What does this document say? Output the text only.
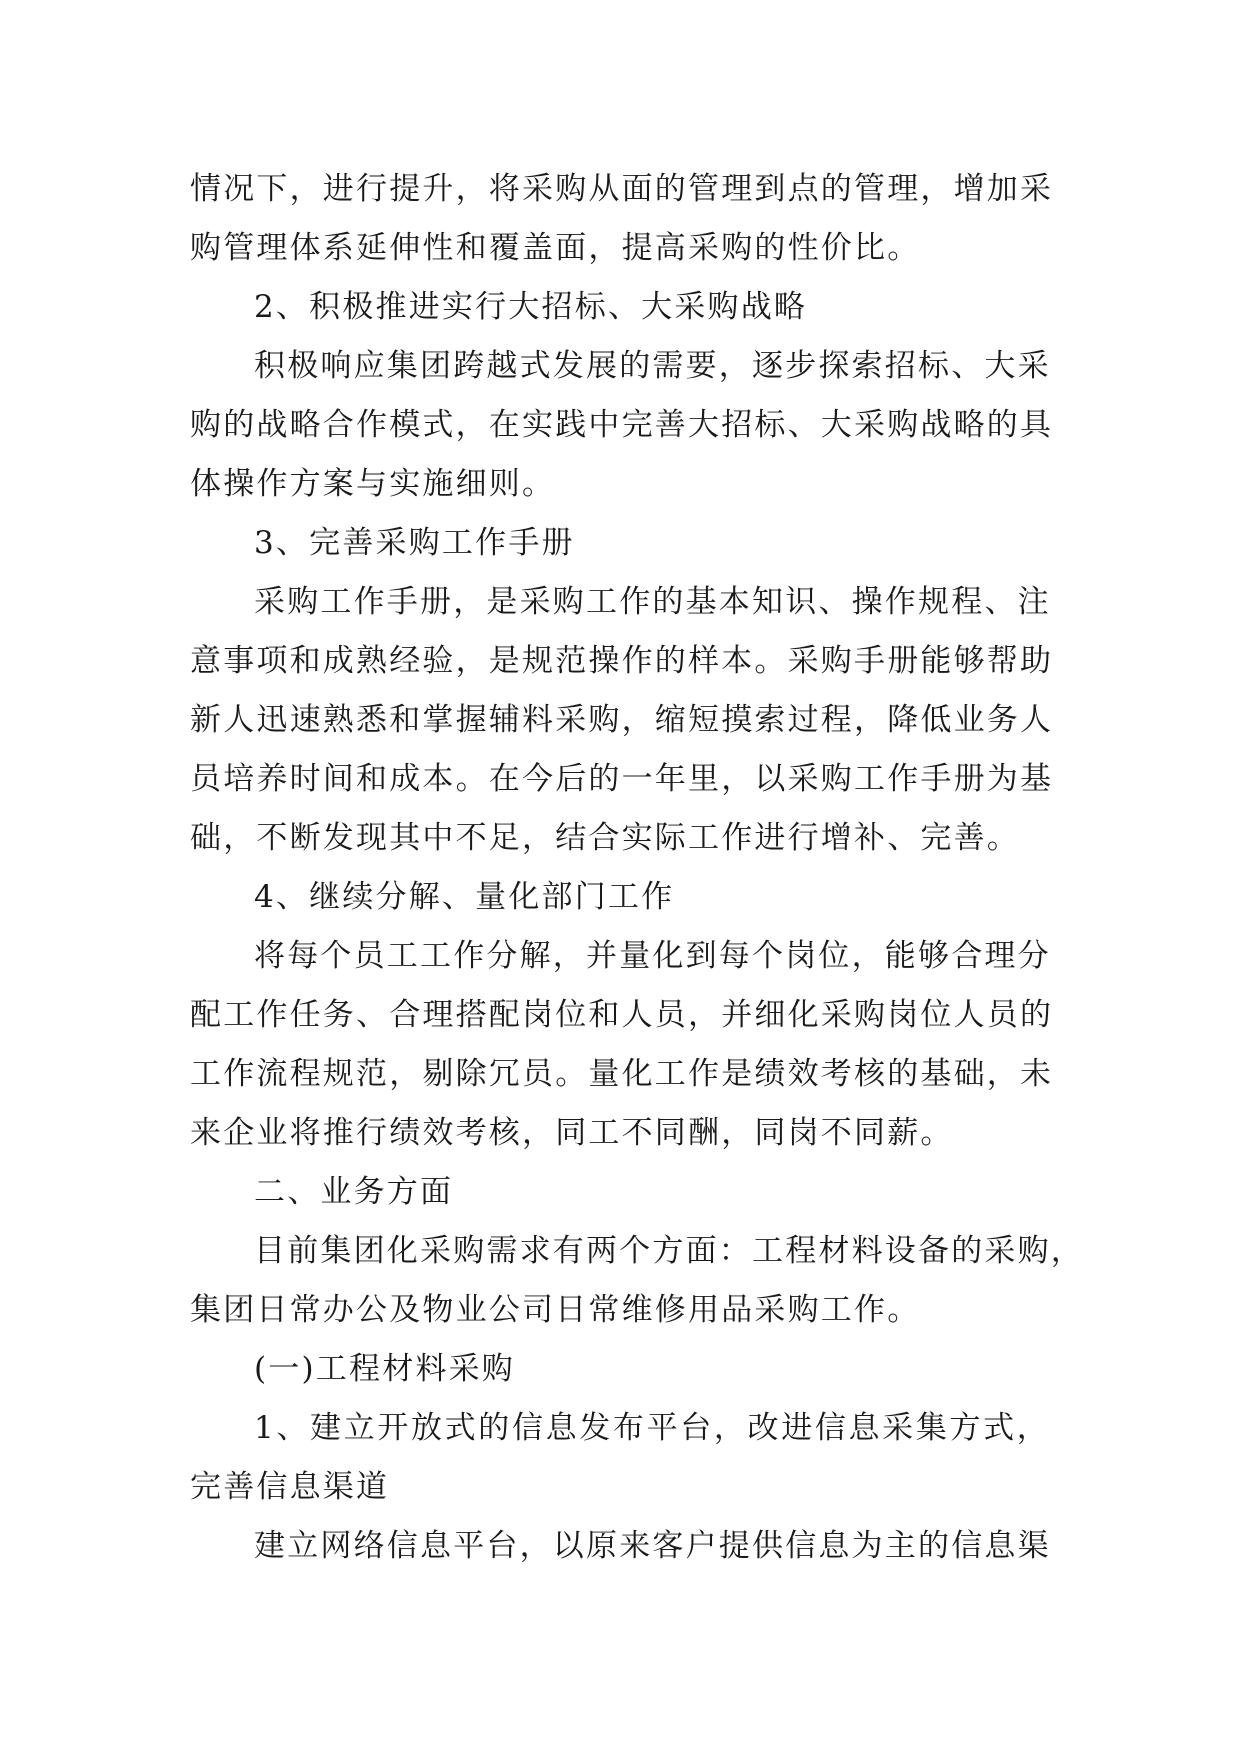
情况下，进行提升，将采购从面的管理到点的管理，增加采
购管理体系延伸性和覆盖面，提高采购的性价比。
2、积极推进实行大招标、大采购战略
积极响应集团跨越式发展的需要，逐步探索招标、大采
购的战略合作模式，在实践中完善大招标、大采购战略的具
体操作方案与实施细则。
3、完善采购工作手册
采购工作手册，是采购工作的基本知识、操作规程、注
意事项和成熟经验，是规范操作的样本。采购手册能够帮助
新人迅速熟悉和掌握辅料采购，缩短摸索过程，降低业务人
员培养时间和成本。在今后的一年里，以采购工作手册为基
础，不断发现其中不足，结合实际工作进行增补、完善。
4、继续分解、量化部门工作
将每个员工工作分解，并量化到每个岗位，能够合理分
配工作任务、合理搭配岗位和人员，并细化采购岗位人员的
工作流程规范，剔除冗员。量化工作是绩效考核的基础，未
来企业将推行绩效考核，同工不同酬，同岗不同薪。
二、业务方面
目前集团化采购需求有两个方面：工程材料设备的采购，
集团日常办公及物业公司日常维修用品采购工作。
(一)工程材料采购
1、建立开放式的信息发布平台，改进信息采集方式，
完善信息渠道
建立网络信息平台，以原来客户提供信息为主的信息渠
